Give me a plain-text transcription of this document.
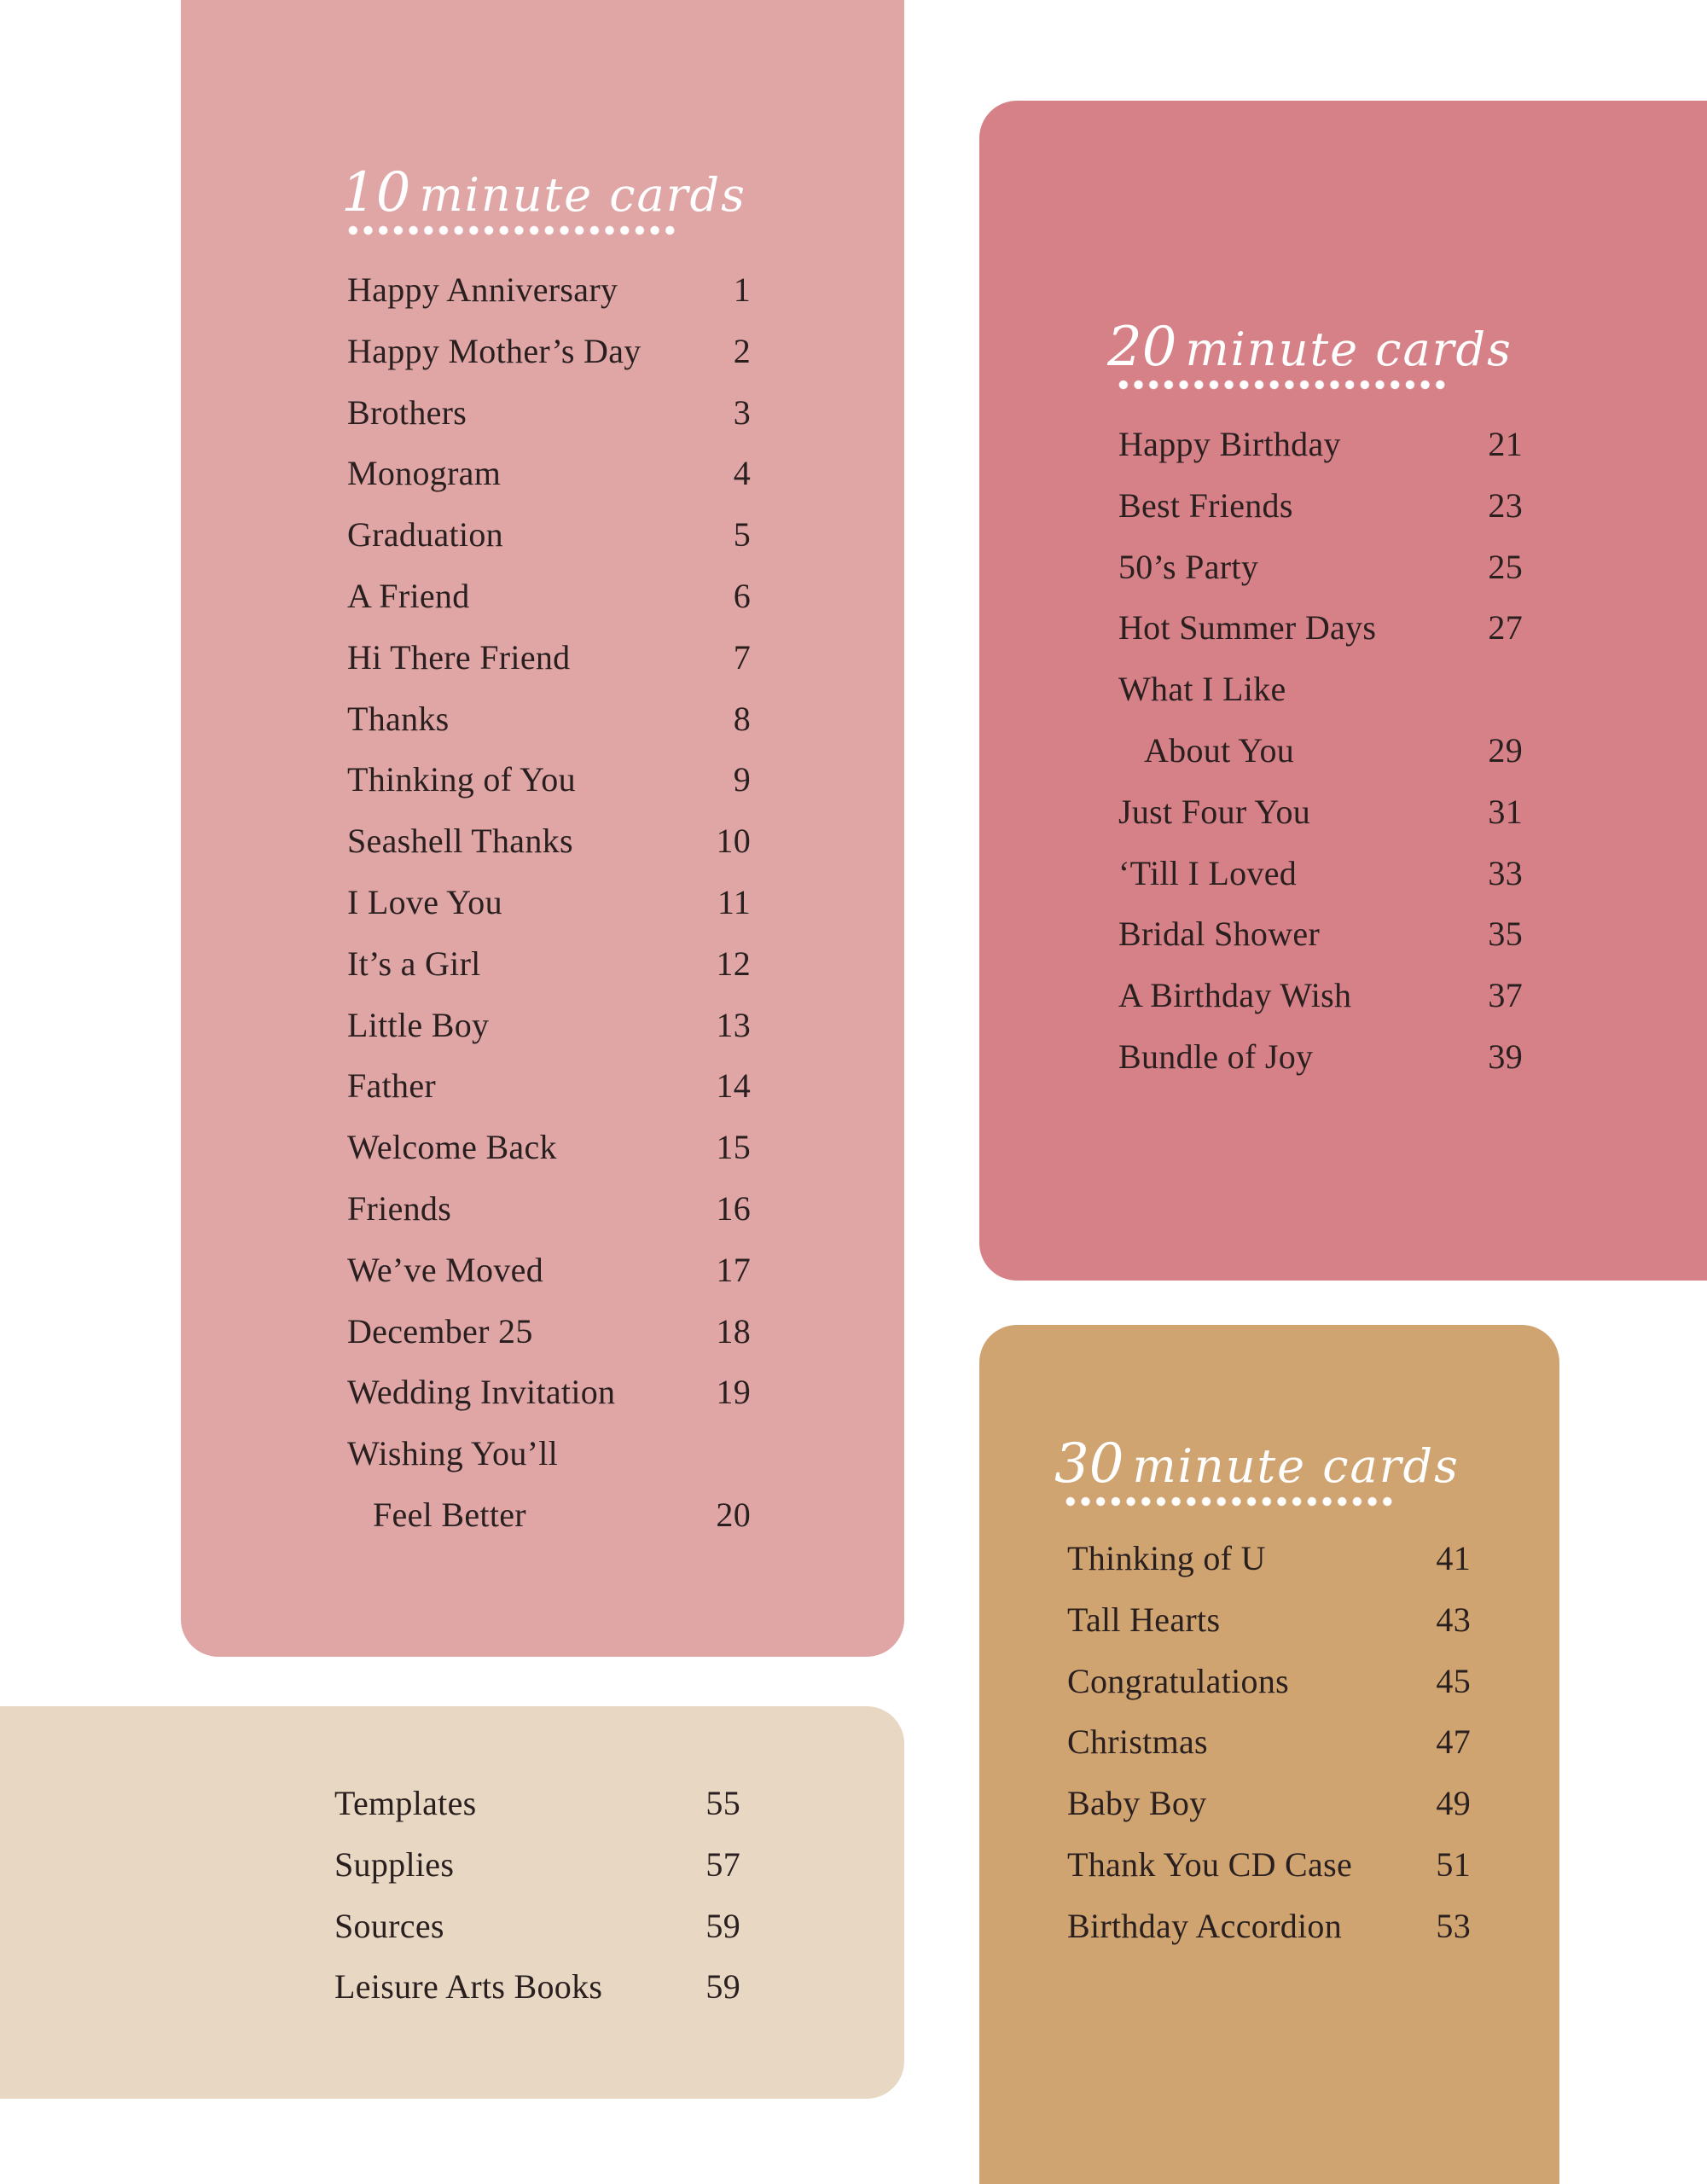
10 minute cards
Happy Anniversary	1
Happy Mother’s Day	2
Brothers	3
Monogram	4
Graduation	5
A Friend	6
Hi There Friend	7
Thanks	8
Thinking of You	9
Seashell Thanks	10
I Love You	11
It’s a Girl	12
Little Boy	13
Father	14
Welcome Back	15
Friends	16
We’ve Moved	17
December 25	18
Wedding Invitation	19
Wishing You’ll
Feel Better	20
20 minute cards
Happy Birthday	21
Best Friends	23
50’s Party	25
Hot Summer Days	27
What I Like
About You	29
Just Four You	31
‘Till I Loved	33
Bridal Shower	35
A Birthday Wish	37
Bundle of Joy	39
30 minute cards
Thinking of U	41
Tall Hearts	43
Congratulations	45
Christmas	47
Baby Boy	49
Thank You CD Case 51
Birthday Accordion	53
Templates	55
Supplies	57
Sources	59
Leisure Arts Books	59
